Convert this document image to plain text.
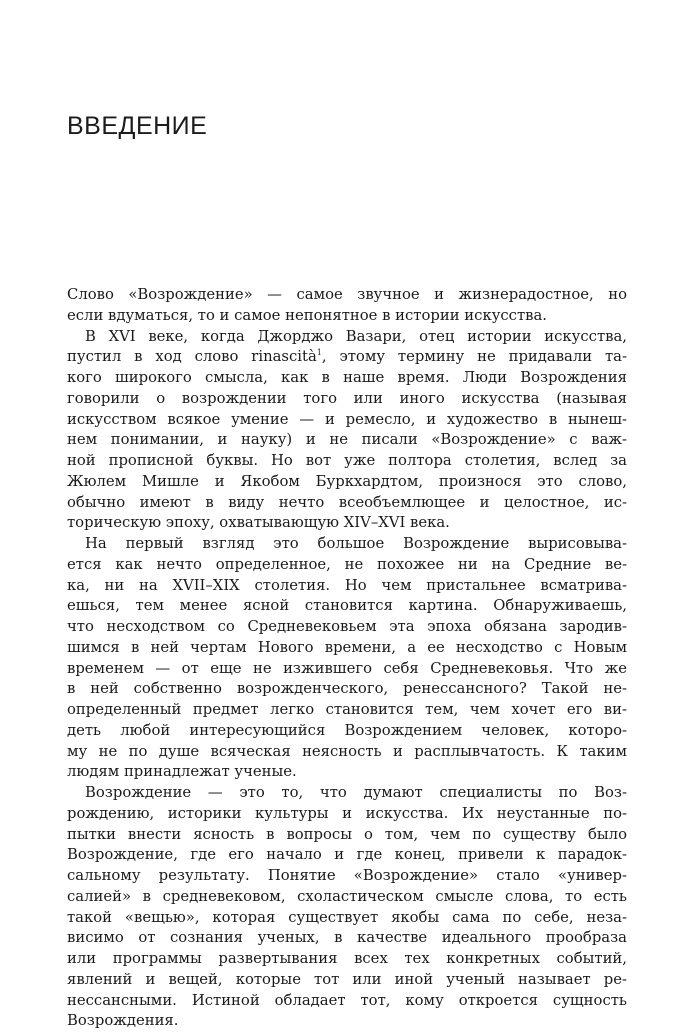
ВВЕДЕНИЕ
Слово «Возрождение» — самое звучное и жизнерадостное, но
если вдуматься, то и самое непонятное в истории искусства.
В XVI веке, когда Джорджо Вазари, отец истории искусства,
пустил в ход слово rinascità$^1$, этому термину не придавали та-
кого широкого смысла, как в наше время. Люди Возрождения
говорили о возрождении того или иного искусства (называя
искусством всякое умение — и ремесло, и художество в нынеш-
нем понимании, и науку) и не писали «Возрождение» с важ-
ной прописной буквы. Но вот уже полтора столетия, вслед за
Жюлем Мишле и Якобом Буркхардтом, произнося это слово,
обычно имеют в виду нечто всеобъемлющее и целостное, ис-
торическую эпоху, охватывающую XIV–XVI века.
На первый взгляд это большое Возрождение вырисовыва-
ется как нечто определенное, не похожее ни на Средние ве-
ка, ни на XVII–XIX столетия. Но чем пристальнее всматрива-
ешься, тем менее ясной становится картина. Обнаруживаешь,
что несходством со Средневековьем эта эпоха обязана зародив-
шимся в ней чертам Нового времени, а ее несходство с Новым
временем — от еще не изжившего себя Средневековья. Что же
в ней собственно возрожденческого, ренессансного? Такой не-
определенный предмет легко становится тем, чем хочет его ви-
деть любой интересующийся Возрождением человек, которо-
му не по душе всяческая неясность и расплывчатость. К таким
людям принадлежат ученые.
Возрождение — это то, что думают специалисты по Воз-
рождению, историки культуры и искусства. Их неустанные по-
пытки внести ясность в вопросы о том, чем по существу было
Возрождение, где его начало и где конец, привели к парадок-
сальному результату. Понятие «Возрождение» стало «универ-
салией» в средневековом, схоластическом смысле слова, то есть
такой «вещью», которая существует якобы сама по себе, неза-
висимо от сознания ученых, в качестве идеального прообраза
или программы развертывания всех тех конкретных событий,
явлений и вещей, которые тот или иной ученый называет ре-
нессансными. Истиной обладает тот, кому откроется сущность
Возрождения.
